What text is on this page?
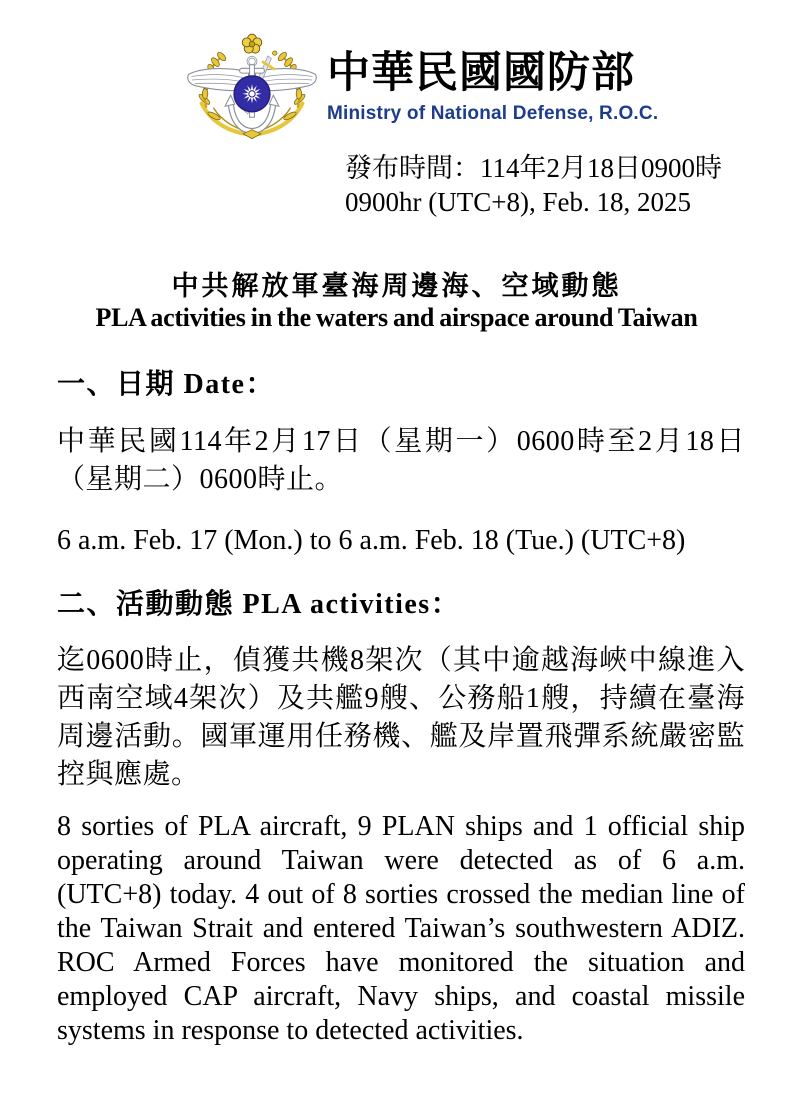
中華民國國防部
Ministry of National Defense, R.O.C.
發布時間：114年2月18日0900時
0900hr (UTC+8), Feb. 18, 2025
中共解放軍臺海周邊海、空域動態
PLA activities in the waters and airspace around Taiwan
一、日期 Date：
中華民國114年2月17日（星期一）0600時至2月18日
（星期二）0600時止。
6 a.m. Feb. 17 (Mon.) to 6 a.m. Feb. 18 (Tue.) (UTC+8)
二、活動動態 PLA activities：
迄0600時止，偵獲共機8架次（其中逾越海峽中線進入
西南空域4架次）及共艦9艘、公務船1艘，持續在臺海
周邊活動。國軍運用任務機、艦及岸置飛彈系統嚴密監
控與應處。
8 sorties of PLA aircraft, 9 PLAN ships and 1 official ship
operating around Taiwan were detected as of 6 a.m.
(UTC+8) today. 4 out of 8 sorties crossed the median line of
the Taiwan Strait and entered Taiwan’s southwestern ADIZ.
ROC Armed Forces have monitored the situation and
employed CAP aircraft, Navy ships, and coastal missile
systems in response to detected activities.
